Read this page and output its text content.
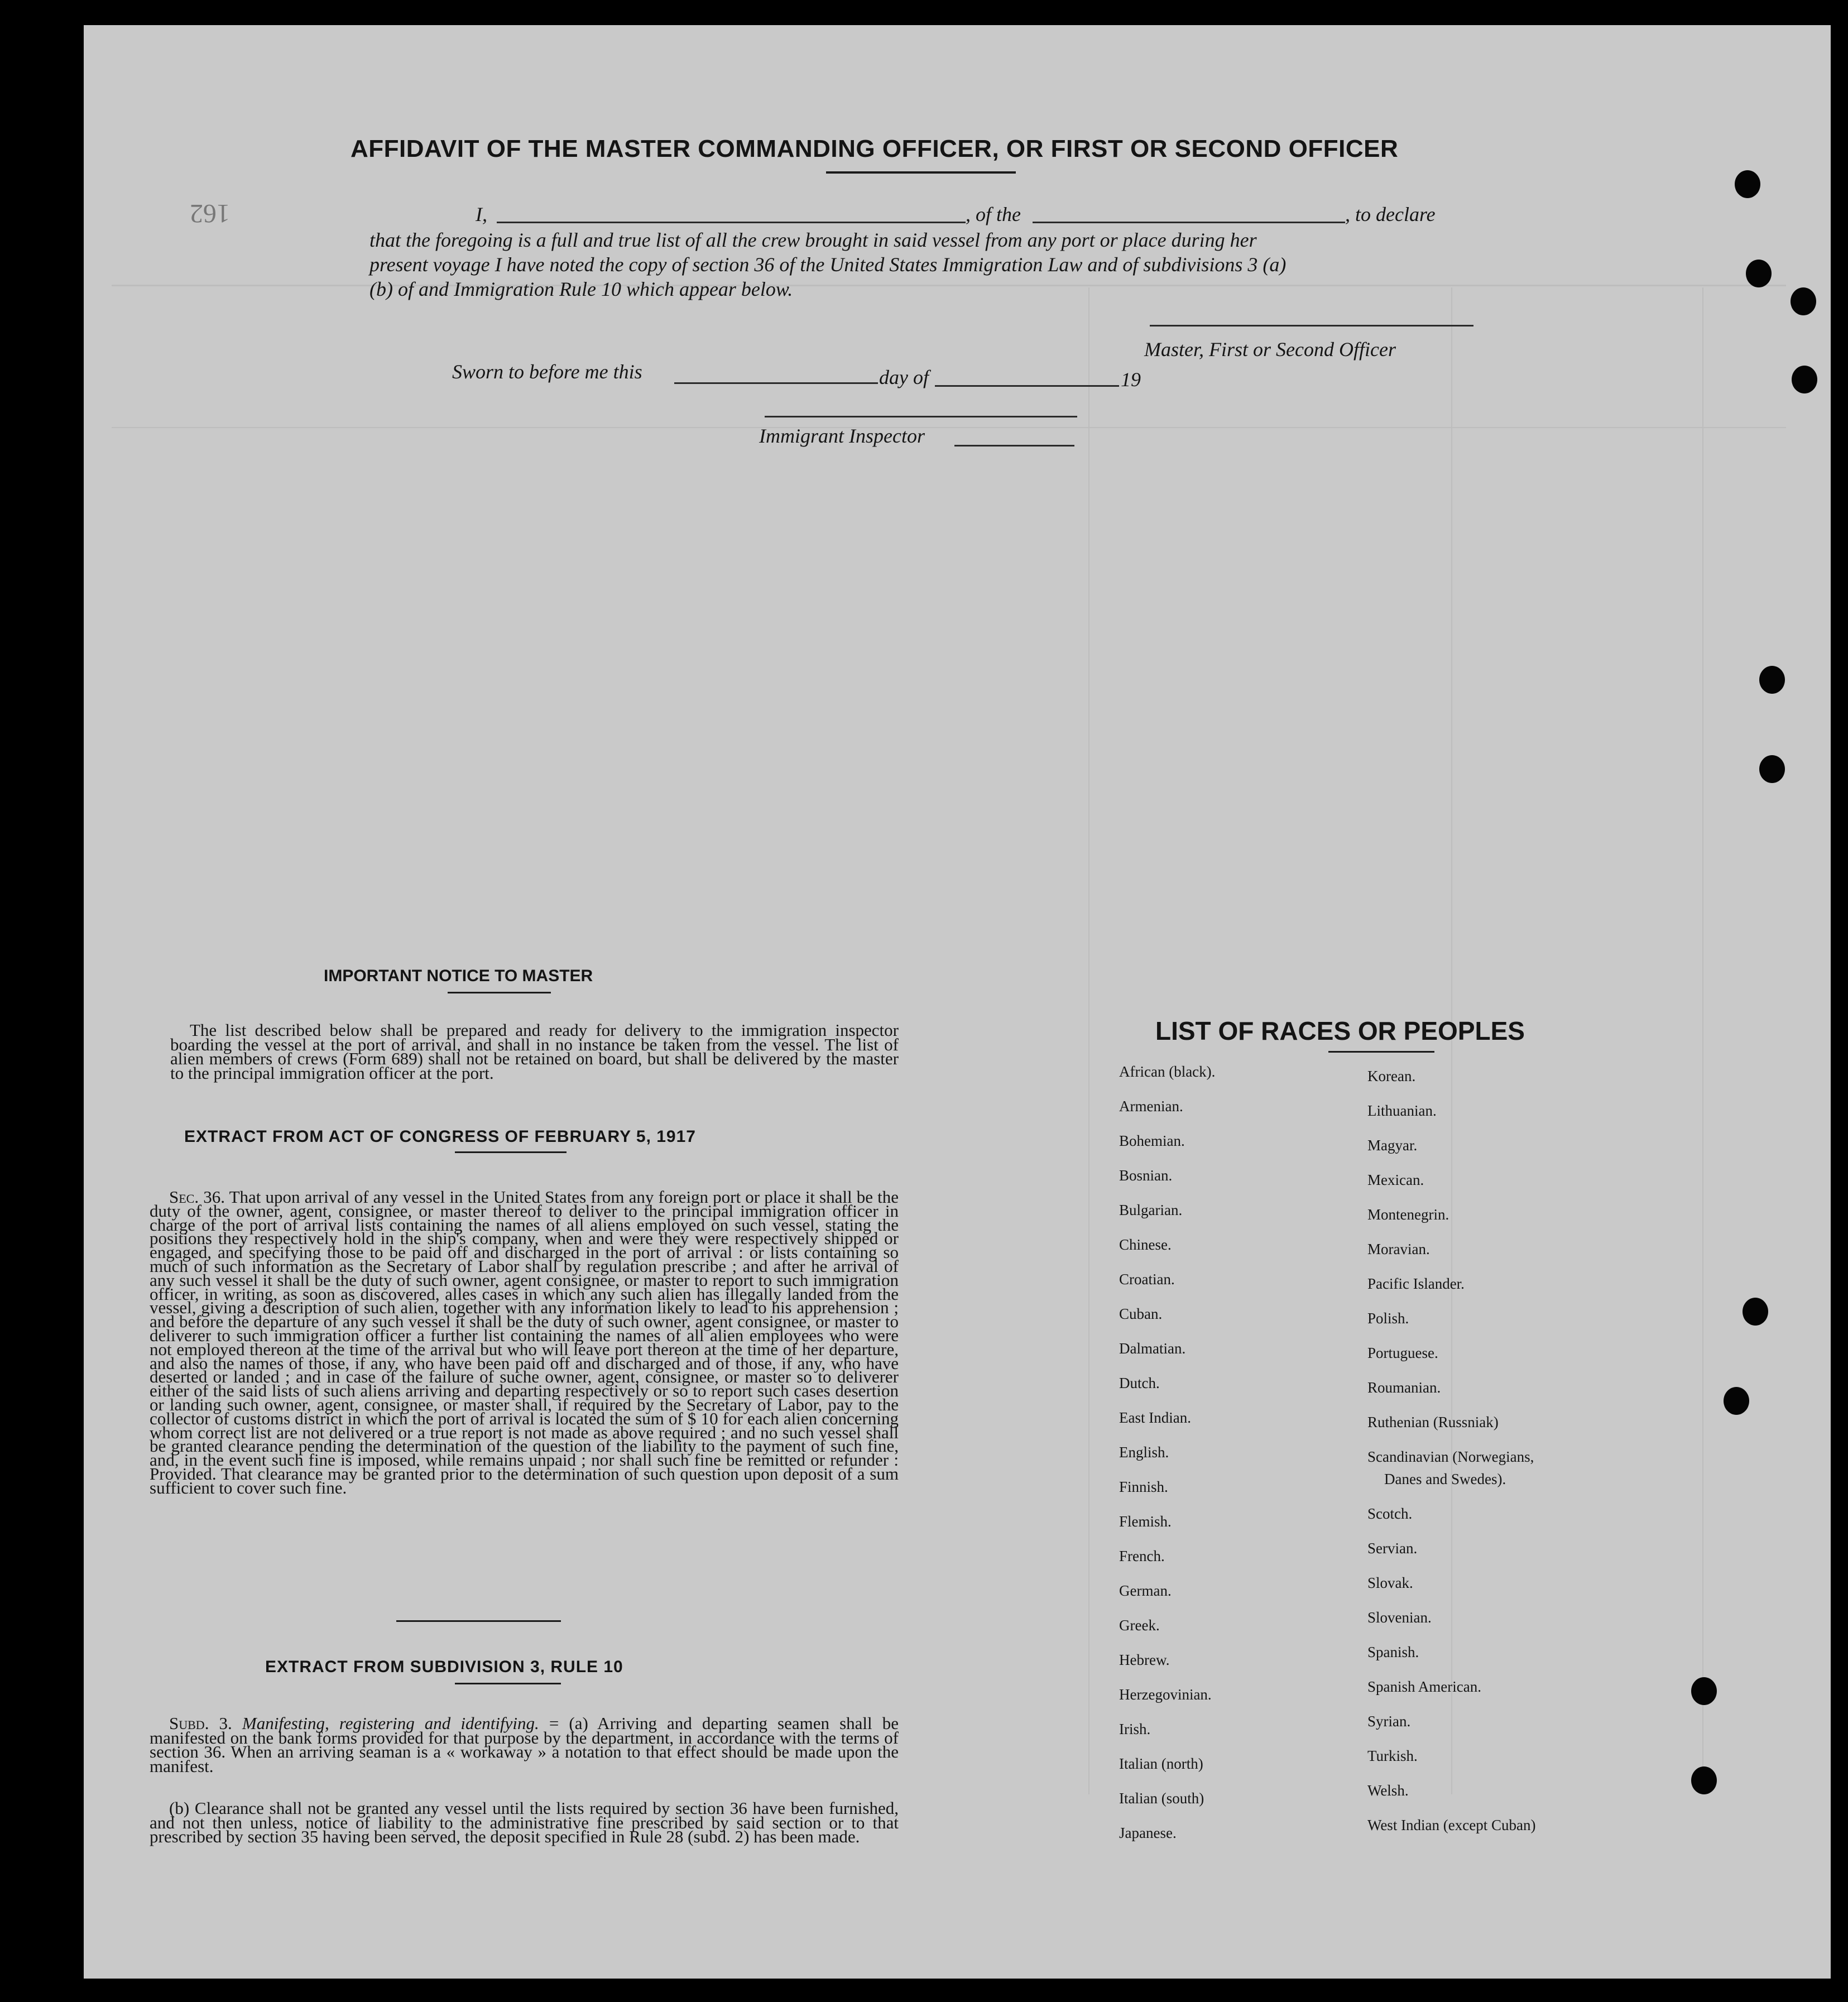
162
AFFIDAVIT OF THE MASTER COMMANDING OFFICER, OR FIRST OR SECOND OFFICER
I,	, of the	, to declare

that the foregoing is a full and true list of all the crew brought in said vessel from any port or place during her

present voyage I have noted the copy of section 36 of the United States Immigration Law and of subdivisions 3 (a)

(b) of and Immigration Rule 10 which appear below.

Master, First or Second Officer

Sworn to before me this	day of	19

Immigrant Inspector

IMPORTANT NOTICE TO MASTER

The list described below shall be prepared and ready for delivery to the immigration inspector boarding the vessel at the port of arrival, and shall in no instance be taken from the vessel. The list of alien members of crews (Form 689) shall not be retained on board, but shall be delivered by the master to the principal immigration officer at the port.

EXTRACT FROM ACT OF CONGRESS OF FEBRUARY 5, 1917

Sec. 36. That upon arrival of any vessel in the United States from any foreign port or place it shall be the duty of the owner, agent, consignee, or master thereof to deliver to the principal immigration officer in charge of the port of arrival lists containing the names of all aliens employed on such vessel, stating the positions they respectively hold in the ship's company, when and were they were respectively shipped or engaged, and specifying those to be paid off and discharged in the port of arrival : or lists containing so much of such information as the Secretary of Labor shall by regulation prescribe ; and after he arrival of any such vessel it shall be the duty of such owner, agent consignee, or master to report to such immigration officer, in writing, as soon as discovered, alles cases in which any such alien has illegally landed from the vessel, giving a description of such alien, together with any information likely to lead to his apprehension ; and before the departure of any such vessel it shall be the duty of such owner, agent consignee, or master to deliverer to such immigration officer a further list containing the names of all alien employees who were not employed thereon at the time of the arrival but who will leave port thereon at the time of her departure, and also the names of those, if any, who have been paid off and discharged and of those, if any, who have deserted or landed ; and in case of the failure of suche owner, agent, consignee, or master so to deliverer either of the said lists of such aliens arriving and departing respectively or so to report such cases desertion or landing such owner, agent, consignee, or master shall, if required by the Secretary of Labor, pay to the collector of customs district in which the port of arrival is located the sum of $ 10 for each alien concerning whom correct list are not delivered or a true report is not made as above required ; and no such vessel shall be granted clearance pending the determination of the question of the liability to the payment of such fine, and, in the event such fine is imposed, while remains unpaid ; nor shall such fine be remitted or refunder : Provided. That clearance may be granted prior to the determination of such question upon deposit of a sum sufficient to cover such fine.

EXTRACT FROM SUBDIVISION 3, RULE 10

Subd. 3. Manifesting, registering and identifying. = (a) Arriving and departing seamen shall be manifested on the bank forms provided for that purpose by the department, in accordance with the terms of section 36. When an arriving seaman is a « workaway » a notation to that effect should be made upon the manifest.

(b) Clearance shall not be granted any vessel until the lists required by section 36 have been furnished, and not then unless, notice of liability to the administrative fine prescribed by said section or to that prescribed by section 35 having been served, the deposit specified in Rule 28 (subd. 2) has been made.

LIST OF RACES OR PEOPLES
African (black).
Armenian.
Bohemian.
Bosnian.
Bulgarian.
Chinese.
Croatian.
Cuban.
Dalmatian.
Dutch.
East Indian.
English.
Finnish.
Flemish.
French.
German.
Greek.
Hebrew.
Herzegovinian.
Irish.
Italian (north)
Italian (south)
Japanese.
Korean.
Lithuanian.
Magyar.
Mexican.
Montenegrin.
Moravian.
Pacific Islander.
Polish.
Portuguese.
Roumanian.
Ruthenian (Russniak)
Scandinavian (Norwegians,
Danes and Swedes).
Scotch.
Servian.
Slovak.
Slovenian.
Spanish.
Spanish American.
Syrian.
Turkish.
Welsh.
West Indian (except Cuban)
